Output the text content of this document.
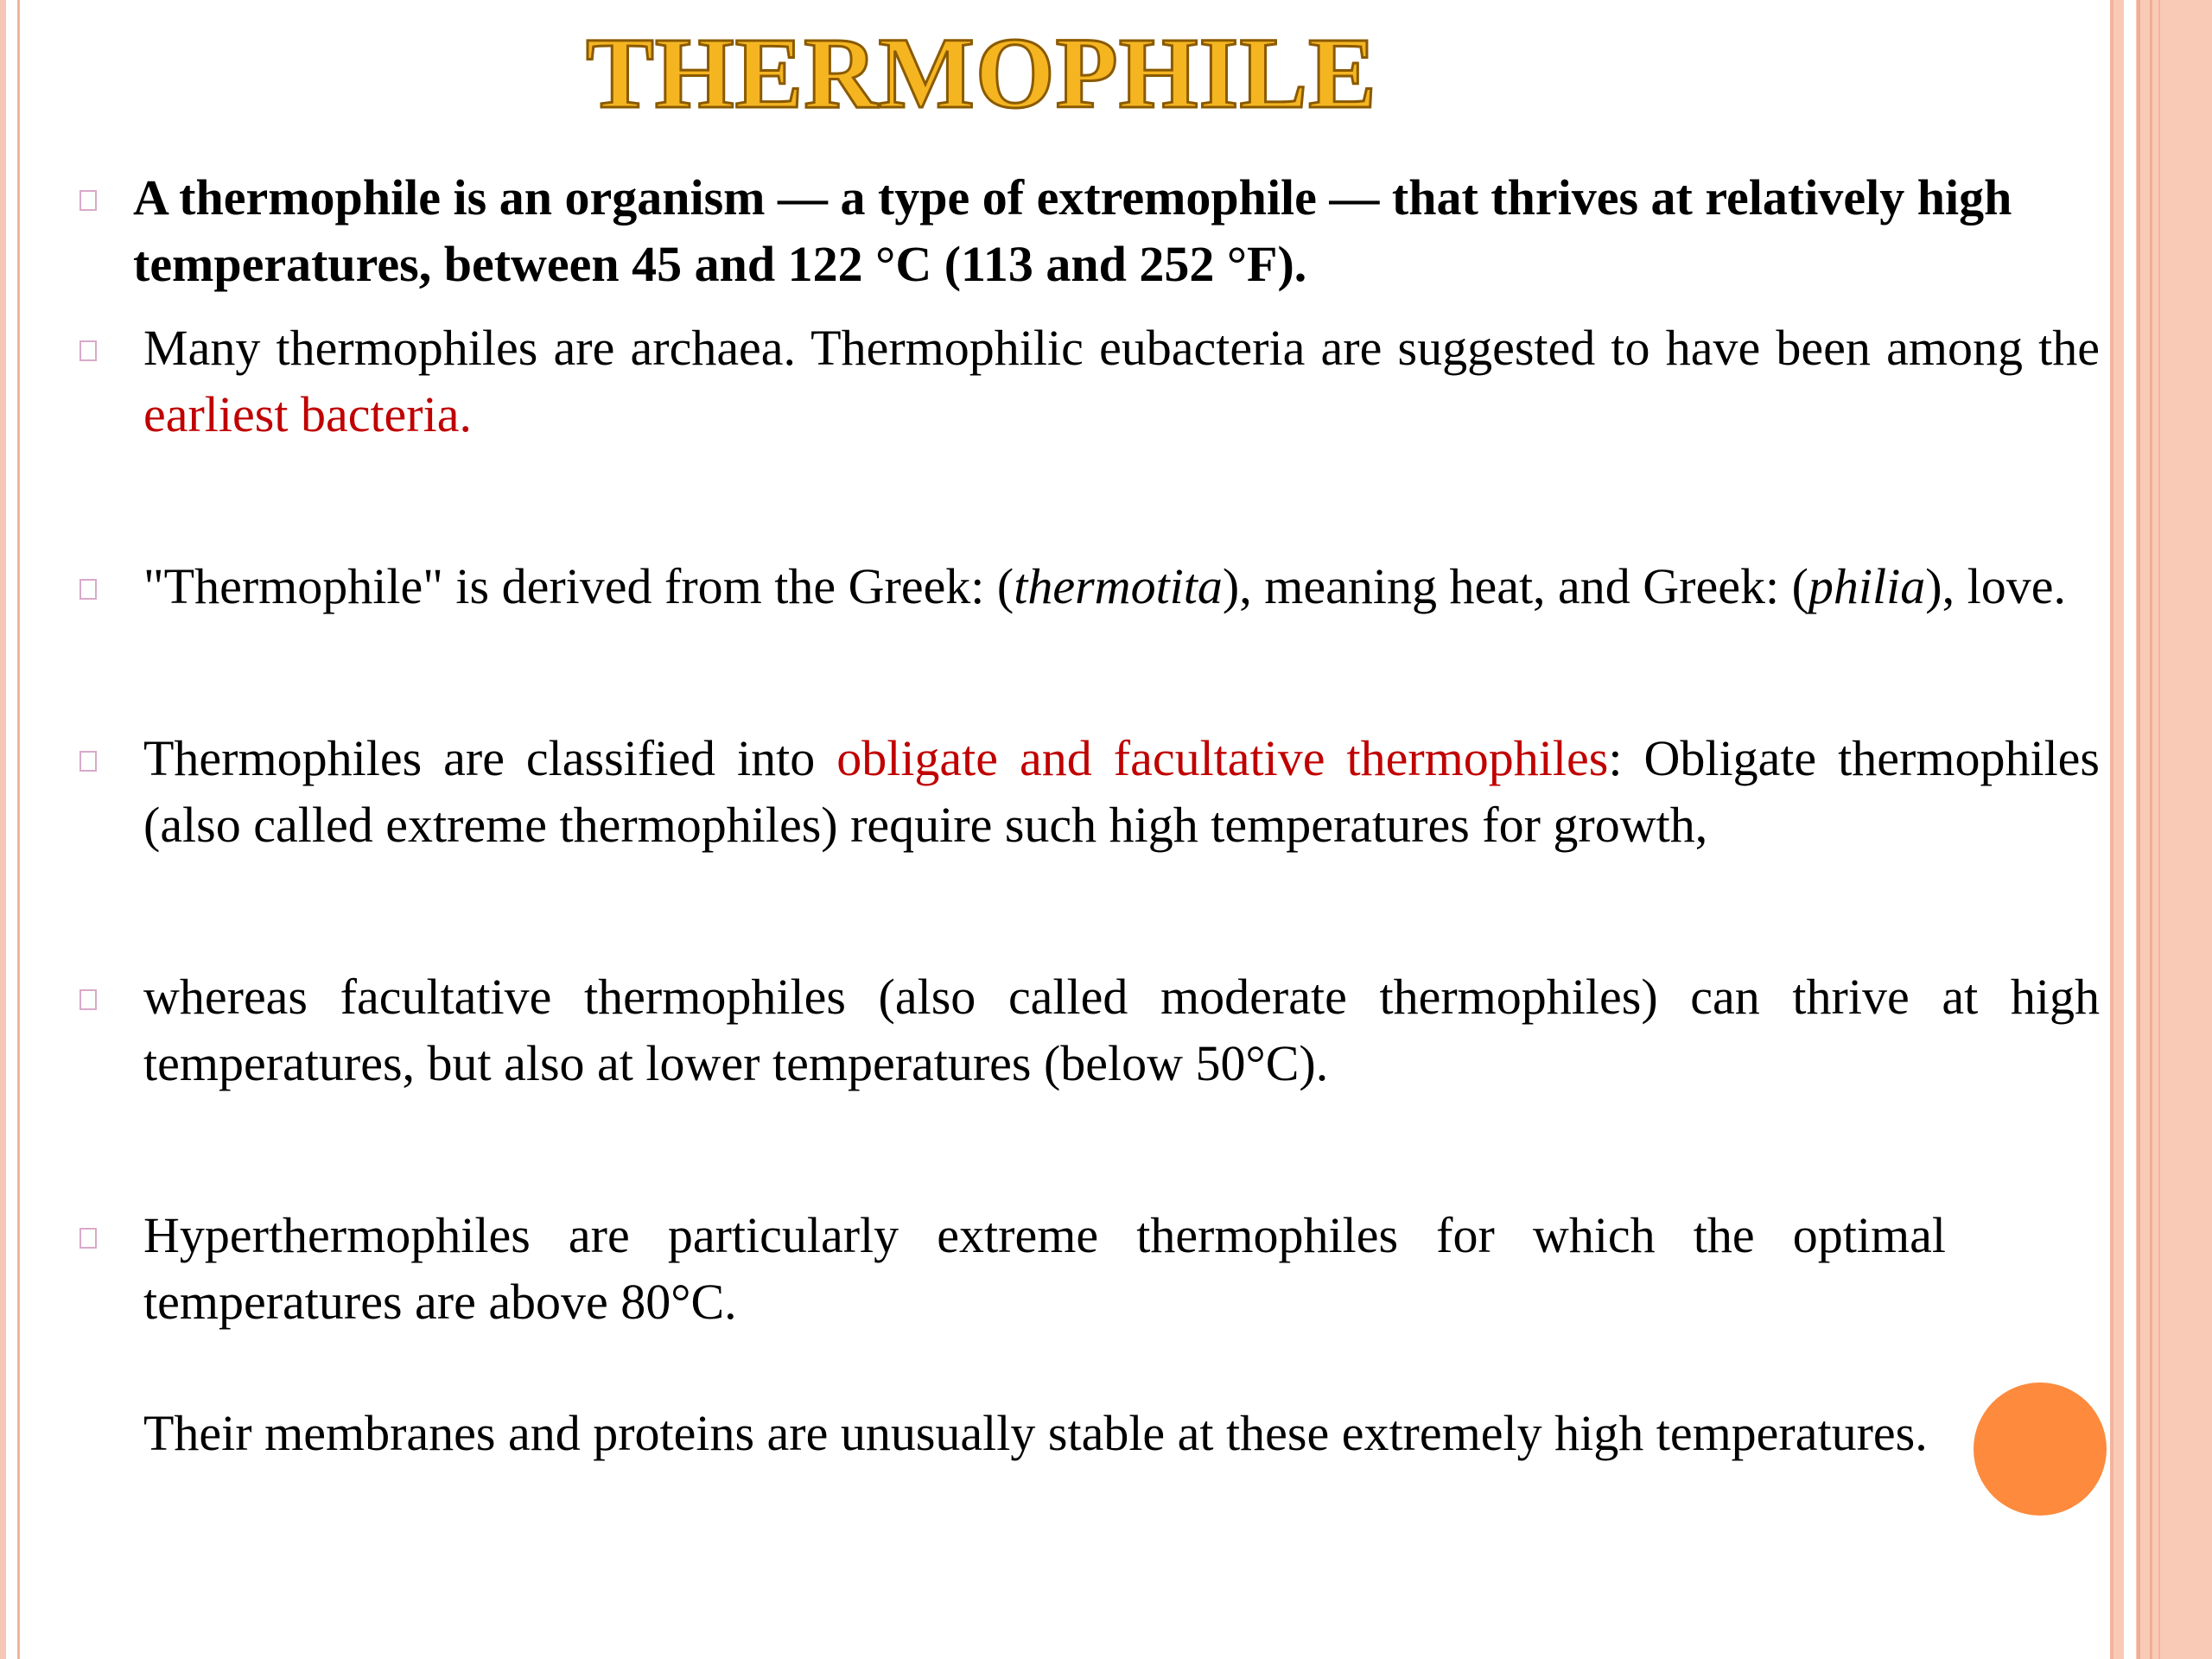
THERMOPHILE
A thermophile is an organism — a type of extremophile — that thrives at relatively high temperatures, between 45 and 122 °C (113 and 252 °F).
Many thermophiles are archaea. Thermophilic eubacteria are suggested to have been among the earliest bacteria.
"Thermophile" is derived from the Greek: (thermotita), meaning heat, and Greek: (philia), love.
Thermophiles are classified into obligate and facultative thermophiles: Obligate thermophiles (also called extreme thermophiles) require such high temperatures for growth,
whereas facultative thermophiles (also called moderate thermophiles) can thrive at high temperatures, but also at lower temperatures (below 50°C).
Hyperthermophiles are particularly extreme thermophiles for which the optimal temperatures are above 80°C.
Their membranes and proteins are unusually stable at these extremely high temperatures.
